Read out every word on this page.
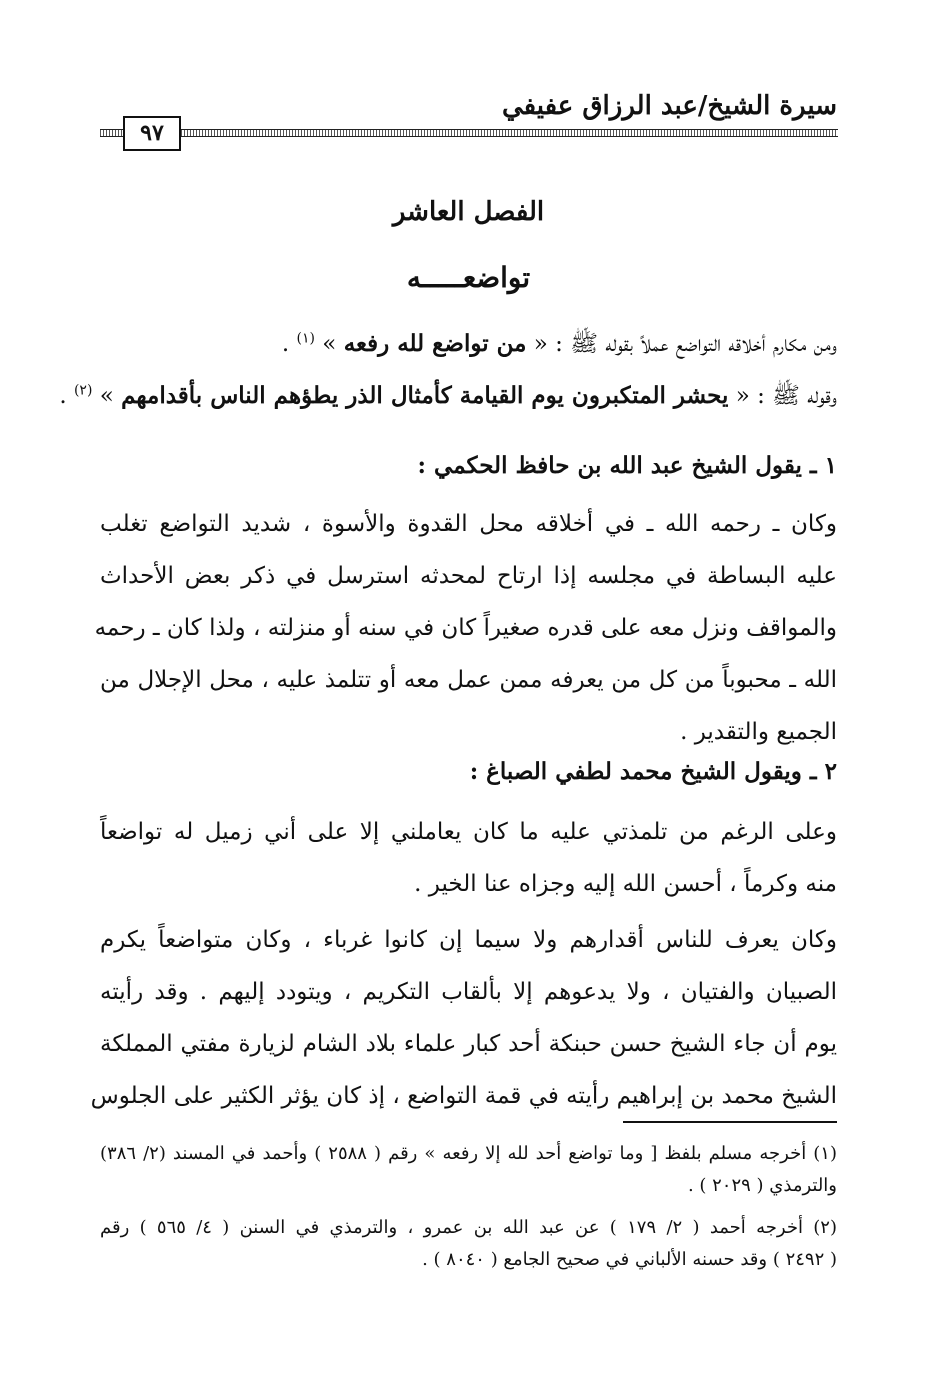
سيرة الشيخ/عبد الرزاق عفيفي
٩٧
الفصل العاشر
تواضعـــــه
ومن مكارم أخلاقه التواضع عملاً بقوله ﷺ : « من تواضع لله رفعه » $^{(١)}$ .
وقوله ﷺ : « يحشر المتكبرون يوم القيامة كأمثال الذر يطؤهم الناس بأقدامهم » $^{(٢)}$ .
١ ـ يقول الشيخ عبد الله بن حافظ الحكمي :
وكان ـ رحمه الله ـ في أخلاقه محل القدوة والأسوة ، شديد التواضع تغلب
عليه البساطة في مجلسه إذا ارتاح لمحدثه استرسل في ذكر بعض الأحداث
والمواقف ونزل معه على قدره صغيراً كان في سنه أو منزلته ، ولذا كان ـ رحمه
الله ـ محبوباً من كل من يعرفه ممن عمل معه أو تتلمذ عليه ، محل الإجلال من
الجميع والتقدير .
٢ ـ ويقول الشيخ محمد لطفي الصباغ :
وعلى الرغم من تلمذتي عليه ما كان يعاملني إلا على أني زميل له تواضعاً
منه وكرماً ، أحسن الله إليه وجزاه عنا الخير .
وكان يعرف للناس أقدارهم ولا سيما إن كانوا غرباء ، وكان متواضعاً يكرم
الصبيان والفتيان ، ولا يدعوهم إلا بألقاب التكريم ، ويتودد إليهم . وقد رأيته
يوم أن جاء الشيخ حسن حبنكة أحد كبار علماء بلاد الشام لزيارة مفتي المملكة
الشيخ محمد بن إبراهيم رأيته في قمة التواضع ، إذ كان يؤثر الكثير على الجلوس
(١) أخرجه مسلم بلفظ [ وما تواضع أحد لله إلا رفعه » رقم ( ٢٥٨٨ ) وأحمد في المسند (٢/ ٣٨٦)
والترمذي ( ٢٠٢٩ ) .
(٢) أخرجه أحمد ( ٢/ ١٧٩ ) عن عبد الله بن عمرو ، والترمذي في السنن ( ٤/ ٥٦٥ ) رقم
( ٢٤٩٢ ) وقد حسنه الألباني في صحيح الجامع ( ٨٠٤٠ ) .
